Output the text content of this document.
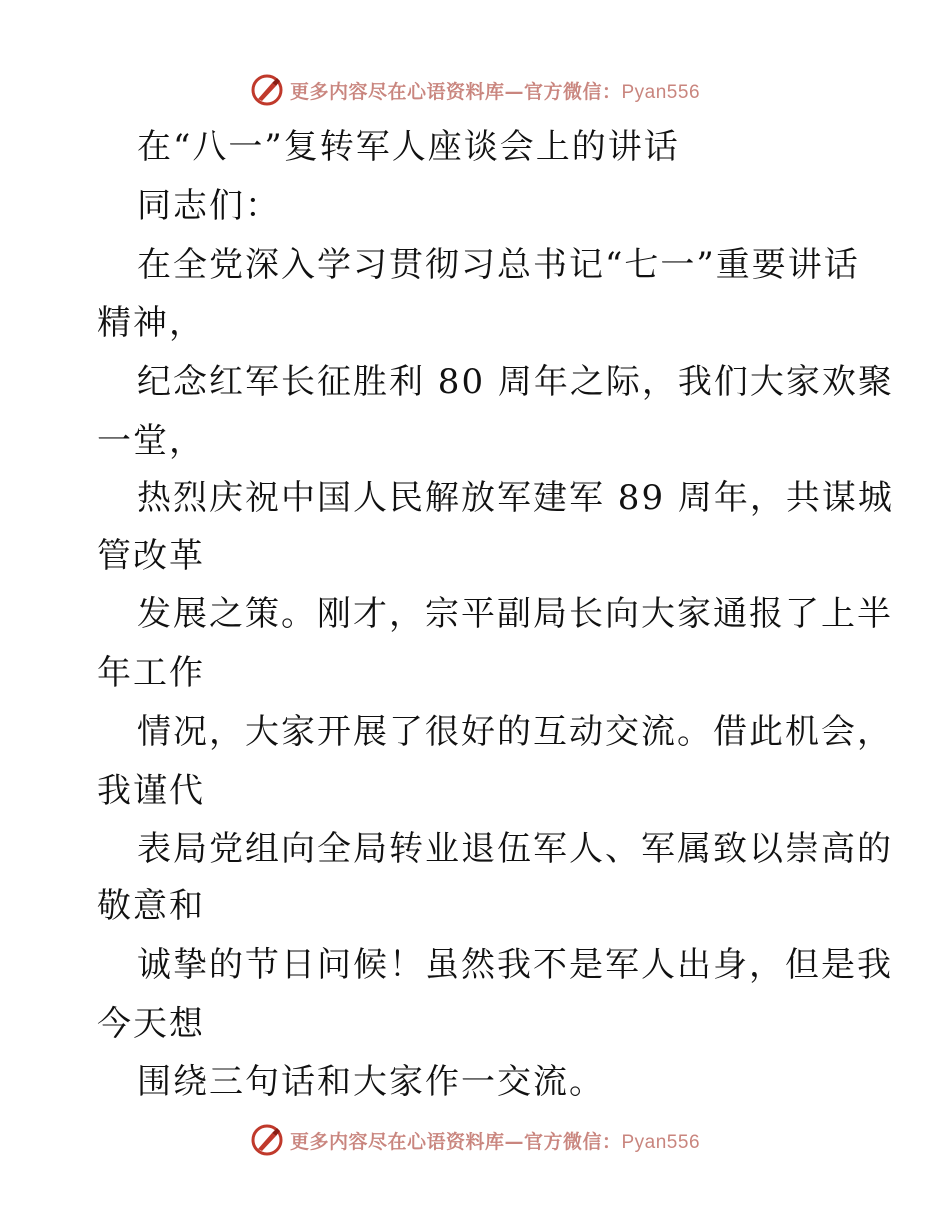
更多内容尽在心语资料库—官方微信：Pyan556
在“八一”复转军人座谈会上的讲话
同志们：
在全党深入学习贯彻习总书记“七一”重要讲话
精神，
纪念红军长征胜利 80 周年之际，我们大家欢聚
一堂，
热烈庆祝中国人民解放军建军 89 周年，共谋城
管改革
发展之策。刚才，宗平副局长向大家通报了上半
年工作
情况，大家开展了很好的互动交流。借此机会，
我谨代
表局党组向全局转业退伍军人、军属致以崇高的
敬意和
诚挚的节日问候！虽然我不是军人出身，但是我
今天想
围绕三句话和大家作一交流。
更多内容尽在心语资料库—官方微信：Pyan556
